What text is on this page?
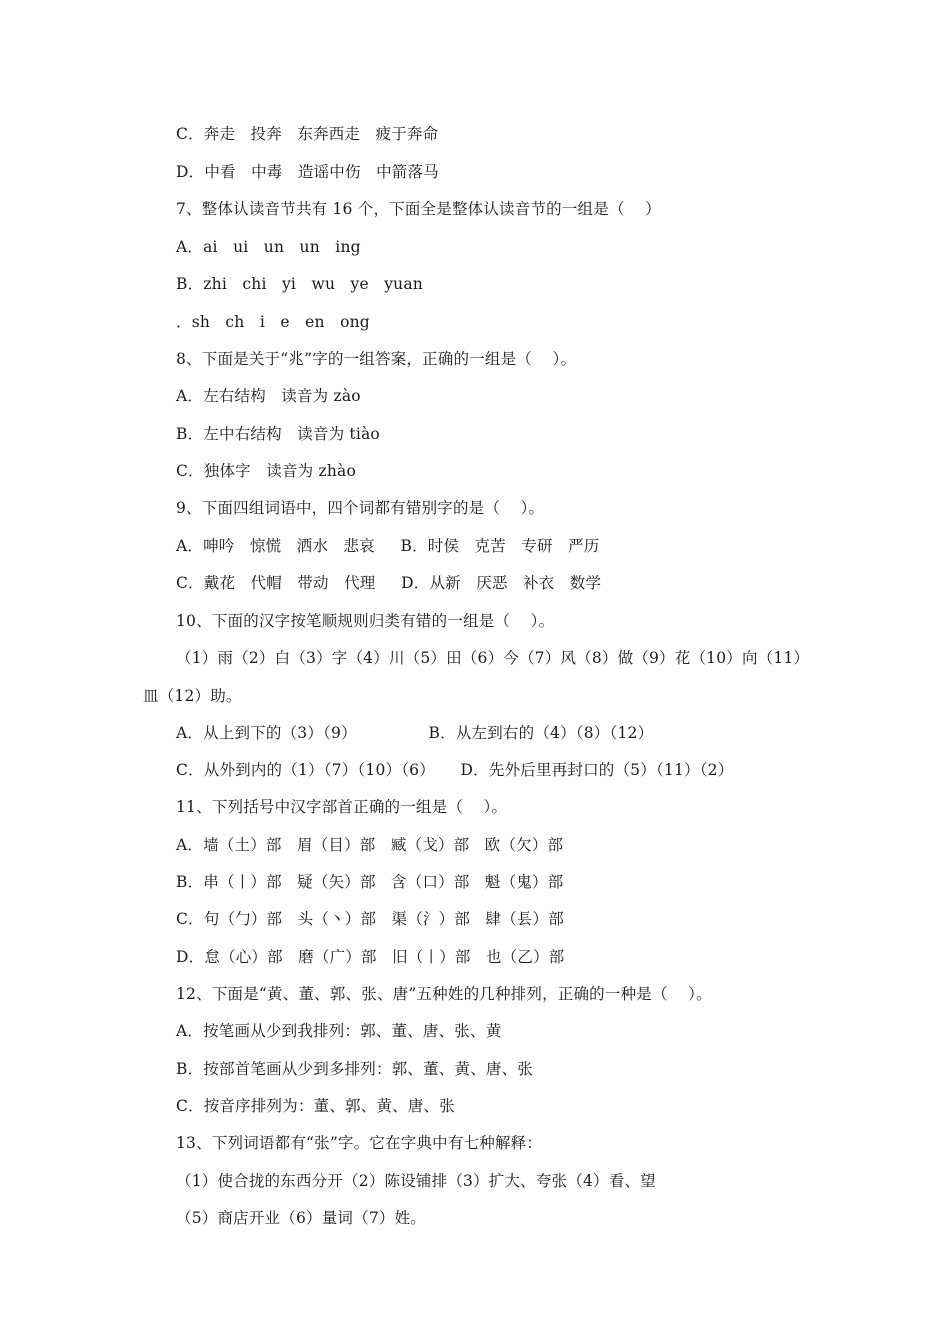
C．奔走   投奔   东奔西走   疲于奔命
D．中看   中毒   造谣中伤   中箭落马
7、整体认读音节共有 16 个，下面全是整体认读音节的一组是（    ）
A．ai   ui   un   un   ing
B．zhi   chi   yi   wu   ye   yuan
．sh   ch   i   e   en   ong
8、下面是关于“兆”字的一组答案，正确的一组是（    ）。
A．左右结构   读音为 zào
B．左中右结构   读音为 tiào
C．独体字   读音为 zhào
9、下面四组词语中，四个词都有错别字的是（    ）。
A．呻吟   惊慌   洒水   悲哀     B．时侯   克苦   专研   严历
C．戴花   代帽   带动   代理     D．从新   厌恶   补衣   数学
10、下面的汉字按笔顺规则归类有错的一组是（    ）。
（1）雨（2）白（3）字（4）川（5）田（6）今（7）风（8）做（9）花（10）向（11）
皿（12）助。
A．从上到下的（3）（9）              B．从左到右的（4）（8）（12）
C．从外到内的（1）（7）（10）（6）     D．先外后里再封口的（5）（11）（2）
11、下列括号中汉字部首正确的一组是（    ）。
A．墙（土）部   眉（目）部   臧（戈）部   欧（欠）部
B．串（丨）部   疑（矢）部   含（口）部   魁（鬼）部
C．句（勹）部   头（丶）部   渠（氵）部   肆（镸）部
D．怠（心）部   磨（广）部   旧（丨）部   也（乙）部
12、下面是“黄、董、郭、张、唐”五种姓的几种排列，正确的一种是（    ）。
A．按笔画从少到我排列：郭、董、唐、张、黄
B．按部首笔画从少到多排列：郭、董、黄、唐、张
C．按音序排列为：董、郭、黄、唐、张
13、下列词语都有“张”字。它在字典中有七种解释：
（1）使合拢的东西分开（2）陈设铺排（3）扩大、夸张（4）看、望
（5）商店开业（6）量词（7）姓。
